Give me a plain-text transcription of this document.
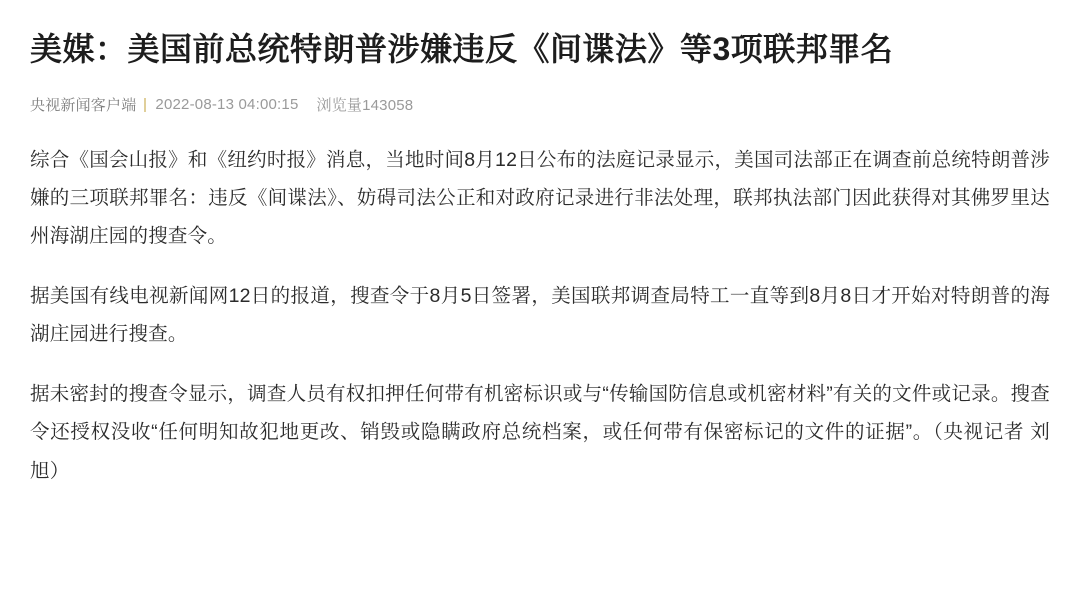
美媒：美国前总统特朗普涉嫌违反《间谍法》等3项联邦罪名
央视新闻客户端 2022-08-13 04:00:15 浏览量143058

综合《国会山报》和《纽约时报》消息，当地时间8月12日公布的法庭记录显示，美国司法部正在调查前总统特朗普涉嫌的三项联邦罪名：违反《间谍法》、妨碍司法公正和对政府记录进行非法处理，联邦执法部门因此获得对其佛罗里达州海湖庄园的搜查令。

据美国有线电视新闻网12日的报道，搜查令于8月5日签署，美国联邦调查局特工一直等到8月8日才开始对特朗普的海湖庄园进行搜查。

据未密封的搜查令显示，调查人员有权扣押任何带有机密标识或与“传输国防信息或机密材料”有关的文件或记录。搜查令还授权没收“任何明知故犯地更改、销毁或隐瞒政府总统档案，或任何带有保密标记的文件的证据”。（央视记者 刘旭）
